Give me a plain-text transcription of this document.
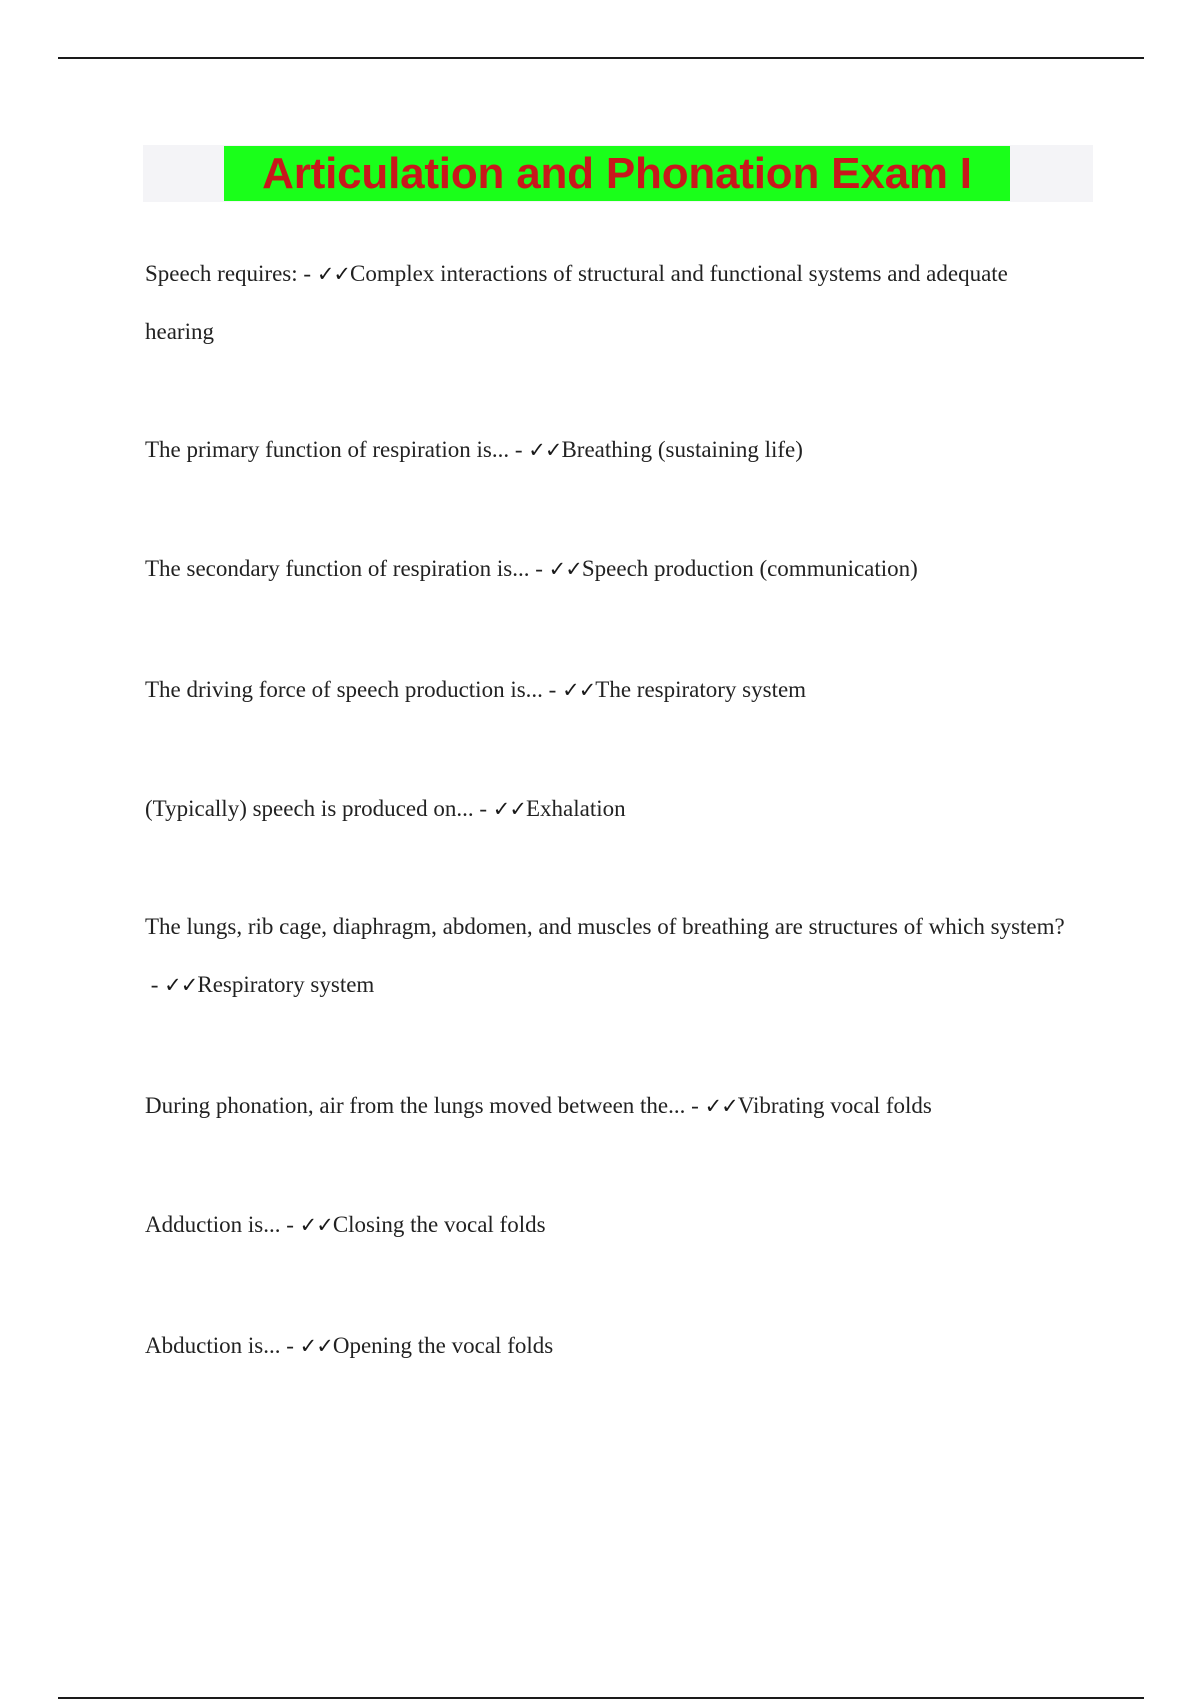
Articulation and Phonation Exam I

Speech requires: - ✓✓Complex interactions of structural and functional systems and adequate hearing

The primary function of respiration is... - ✓✓Breathing (sustaining life)

The secondary function of respiration is... - ✓✓Speech production (communication)

The driving force of speech production is... - ✓✓The respiratory system

(Typically) speech is produced on... - ✓✓Exhalation

The lungs, rib cage, diaphragm, abdomen, and muscles of breathing are structures of which system? - ✓✓Respiratory system

During phonation, air from the lungs moved between the... - ✓✓Vibrating vocal folds

Adduction is... - ✓✓Closing the vocal folds

Abduction is... - ✓✓Opening the vocal folds
